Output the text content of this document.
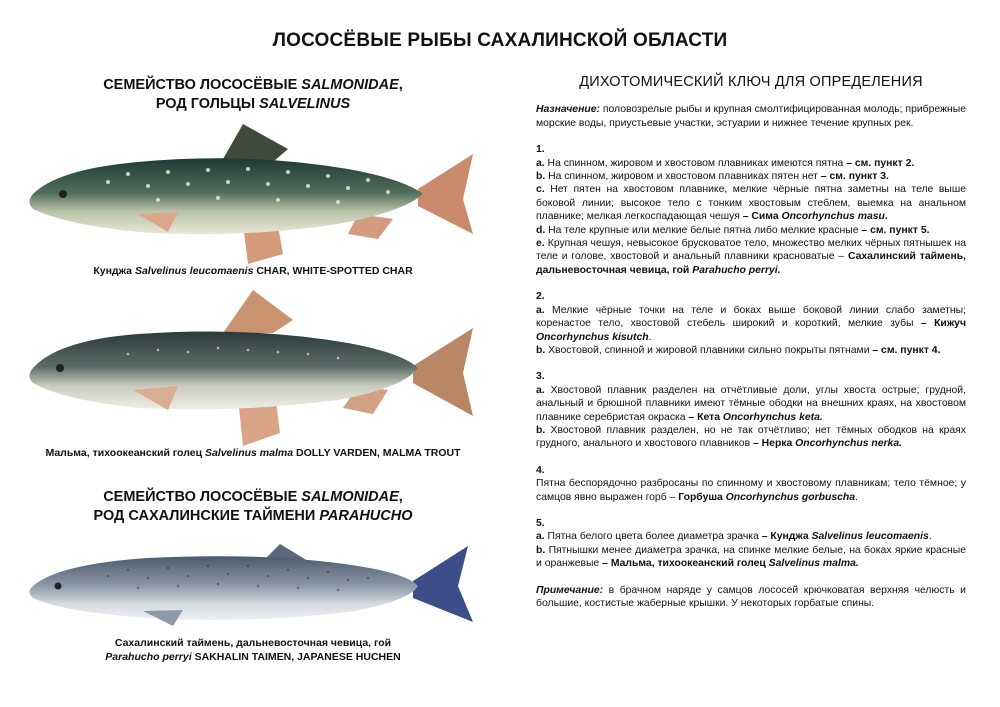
ЛОСОСЁВЫЕ РЫБЫ САХАЛИНСКОЙ ОБЛАСТИ
СЕМЕЙСТВО ЛОСОСЁВЫЕ SALMONIDAE,
РОД ГОЛЬЦЫ SALVELINUS
Кунджа Salvelinus leucomaenis CHAR, WHITE-SPOTTED CHAR
Мальма, тихоокеанский голец Salvelinus malma DOLLY VARDEN, MALMA TROUT
СЕМЕЙСТВО ЛОСОСЁВЫЕ SALMONIDAE,
РОД САХАЛИНСКИЕ ТАЙМЕНИ PARAHUCHO
Сахалинский таймень, дальневосточная чевица, гой
Parahucho perryi SAKHALIN TAIMEN, JAPANESE HUCHEN
ДИХОТОМИЧЕСКИЙ КЛЮЧ ДЛЯ ОПРЕДЕЛЕНИЯ

Назначение: половозрелые рыбы и крупная смолтифицированная молодь; прибрежные морские воды, приустьевые участки, эстуарии и нижнее течение крупных рек.

1.

а. На спинном, жировом и хвостовом плавниках имеются пятна – см. пункт 2.

b. На спинном, жировом и хвостовом плавниках пятен нет – см. пункт 3.

c. Нет пятен на хвостовом плавнике, мелкие чёрные пятна заметны на теле выше боковой линии; высокое тело с тонким хвостовым стеблем, выемка на анальном плавнике; мелкая легкоспадающая чешуя – Сима Oncorhynchus masu.

d. На теле крупные или мелкие белые пятна либо мелкие красные – см. пункт 5.

e. Крупная чешуя, невысокое брусковатое тело, множество мелких чёрных пятнышек на теле и голове, хвостовой и анальный плавники красноватые – Сахалинский таймень, дальневосточная чевица, гой Parahucho perryi.

2.

а. Мелкие чёрные точки на теле и боках выше боковой линии слабо заметны; коренастое тело, хвостовой стебель широкий и короткий, мелкие зубы – Кижуч Oncorhynchus kisutch.

b. Хвостовой, спинной и жировой плавники сильно покрыты пятнами – см. пункт 4.

3.

а. Хвостовой плавник разделен на отчётливые доли, углы хвоста острые; грудной, анальный и брюшной плавники имеют тёмные ободки на внешних краях, на хвостовом плавнике серебристая окраска – Кета Oncorhynchus keta.

b. Хвостовой плавник разделен, но не так отчётливо; нет тёмных ободков на краях грудного, анального и хвостового плавников – Нерка Oncorhynchus nerka.

4.

Пятна беспорядочно разбросаны по спинному и хвостовому плавникам; тело тёмное; у самцов явно выражен горб – Горбуша Oncorhynchus gorbuscha.

5.

а. Пятна белого цвета более диаметра зрачка – Кунджа Salvelinus leucomaenis.

b. Пятнышки менее диаметра зрачка, на спинке мелкие белые, на боках яркие красные и оранжевые – Мальма, тихоокеанский голец Salvelinus malma.

Примечание: в брачном наряде у самцов лососей крючковатая верхняя челюсть и большие, костистые жаберные крышки. У некоторых горбатые спины.
